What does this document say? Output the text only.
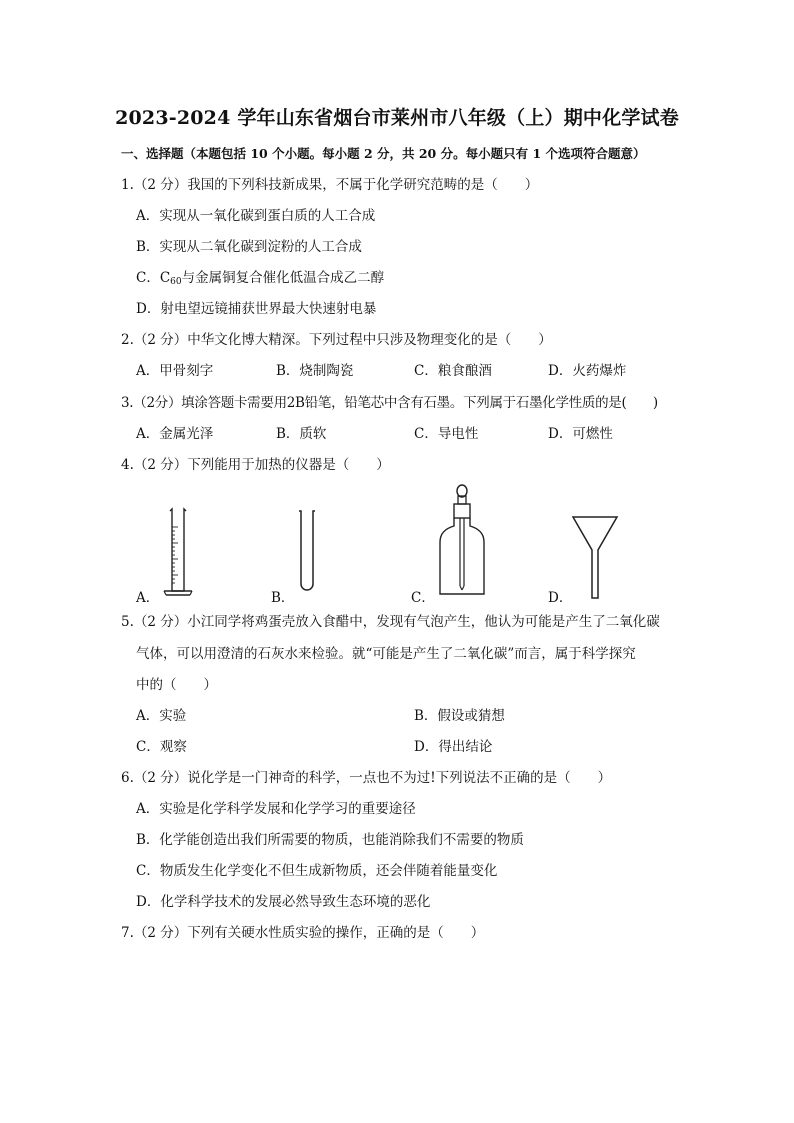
2023-2024 学年山东省烟台市莱州市八年级（上）期中化学试卷
一、选择题（本题包括 10 个小题。每小题 2 分，共 20 分。每小题只有 1 个选项符合题意）
1.（2 分）我国的下列科技新成果，不属于化学研究范畴的是（　　）
A．实现从一氧化碳到蛋白质的人工合成
B．实现从二氧化碳到淀粉的人工合成
C．$C_{60}$与金属铜复合催化低温合成乙二醇
D．射电望远镜捕获世界最大快速射电暴
2.（2 分）中华文化博大精深。下列过程中只涉及物理变化的是（　　）
A．甲骨刻字	B．烧制陶瓷	C．粮食酿酒	D．火药爆炸
3.（2分）填涂答题卡需要用2B铅笔，铅笔芯中含有石墨。下列属于石墨化学性质的是(　　)
A．金属光泽	B．质软	C．导电性	D．可燃性
4.（2 分）下列能用于加热的仪器是（　　）
A．	B．	C．	D．
5.（2 分）小江同学将鸡蛋壳放入食醋中，发现有气泡产生，他认为可能是产生了二氧化碳
气体，可以用澄清的石灰水来检验。就“可能是产生了二氧化碳”而言，属于科学探究
中的（　　）
A．实验	B．假设或猜想
C．观察	D．得出结论
6.（2 分）说化学是一门神奇的科学，一点也不为过!下列说法不正确的是（　　）
A．实验是化学科学发展和化学学习的重要途径
B．化学能创造出我们所需要的物质，也能消除我们不需要的物质
C．物质发生化学变化不但生成新物质，还会伴随着能量变化
D．化学科学技术的发展必然导致生态环境的恶化
7.（2 分）下列有关硬水性质实验的操作，正确的是（　　）
